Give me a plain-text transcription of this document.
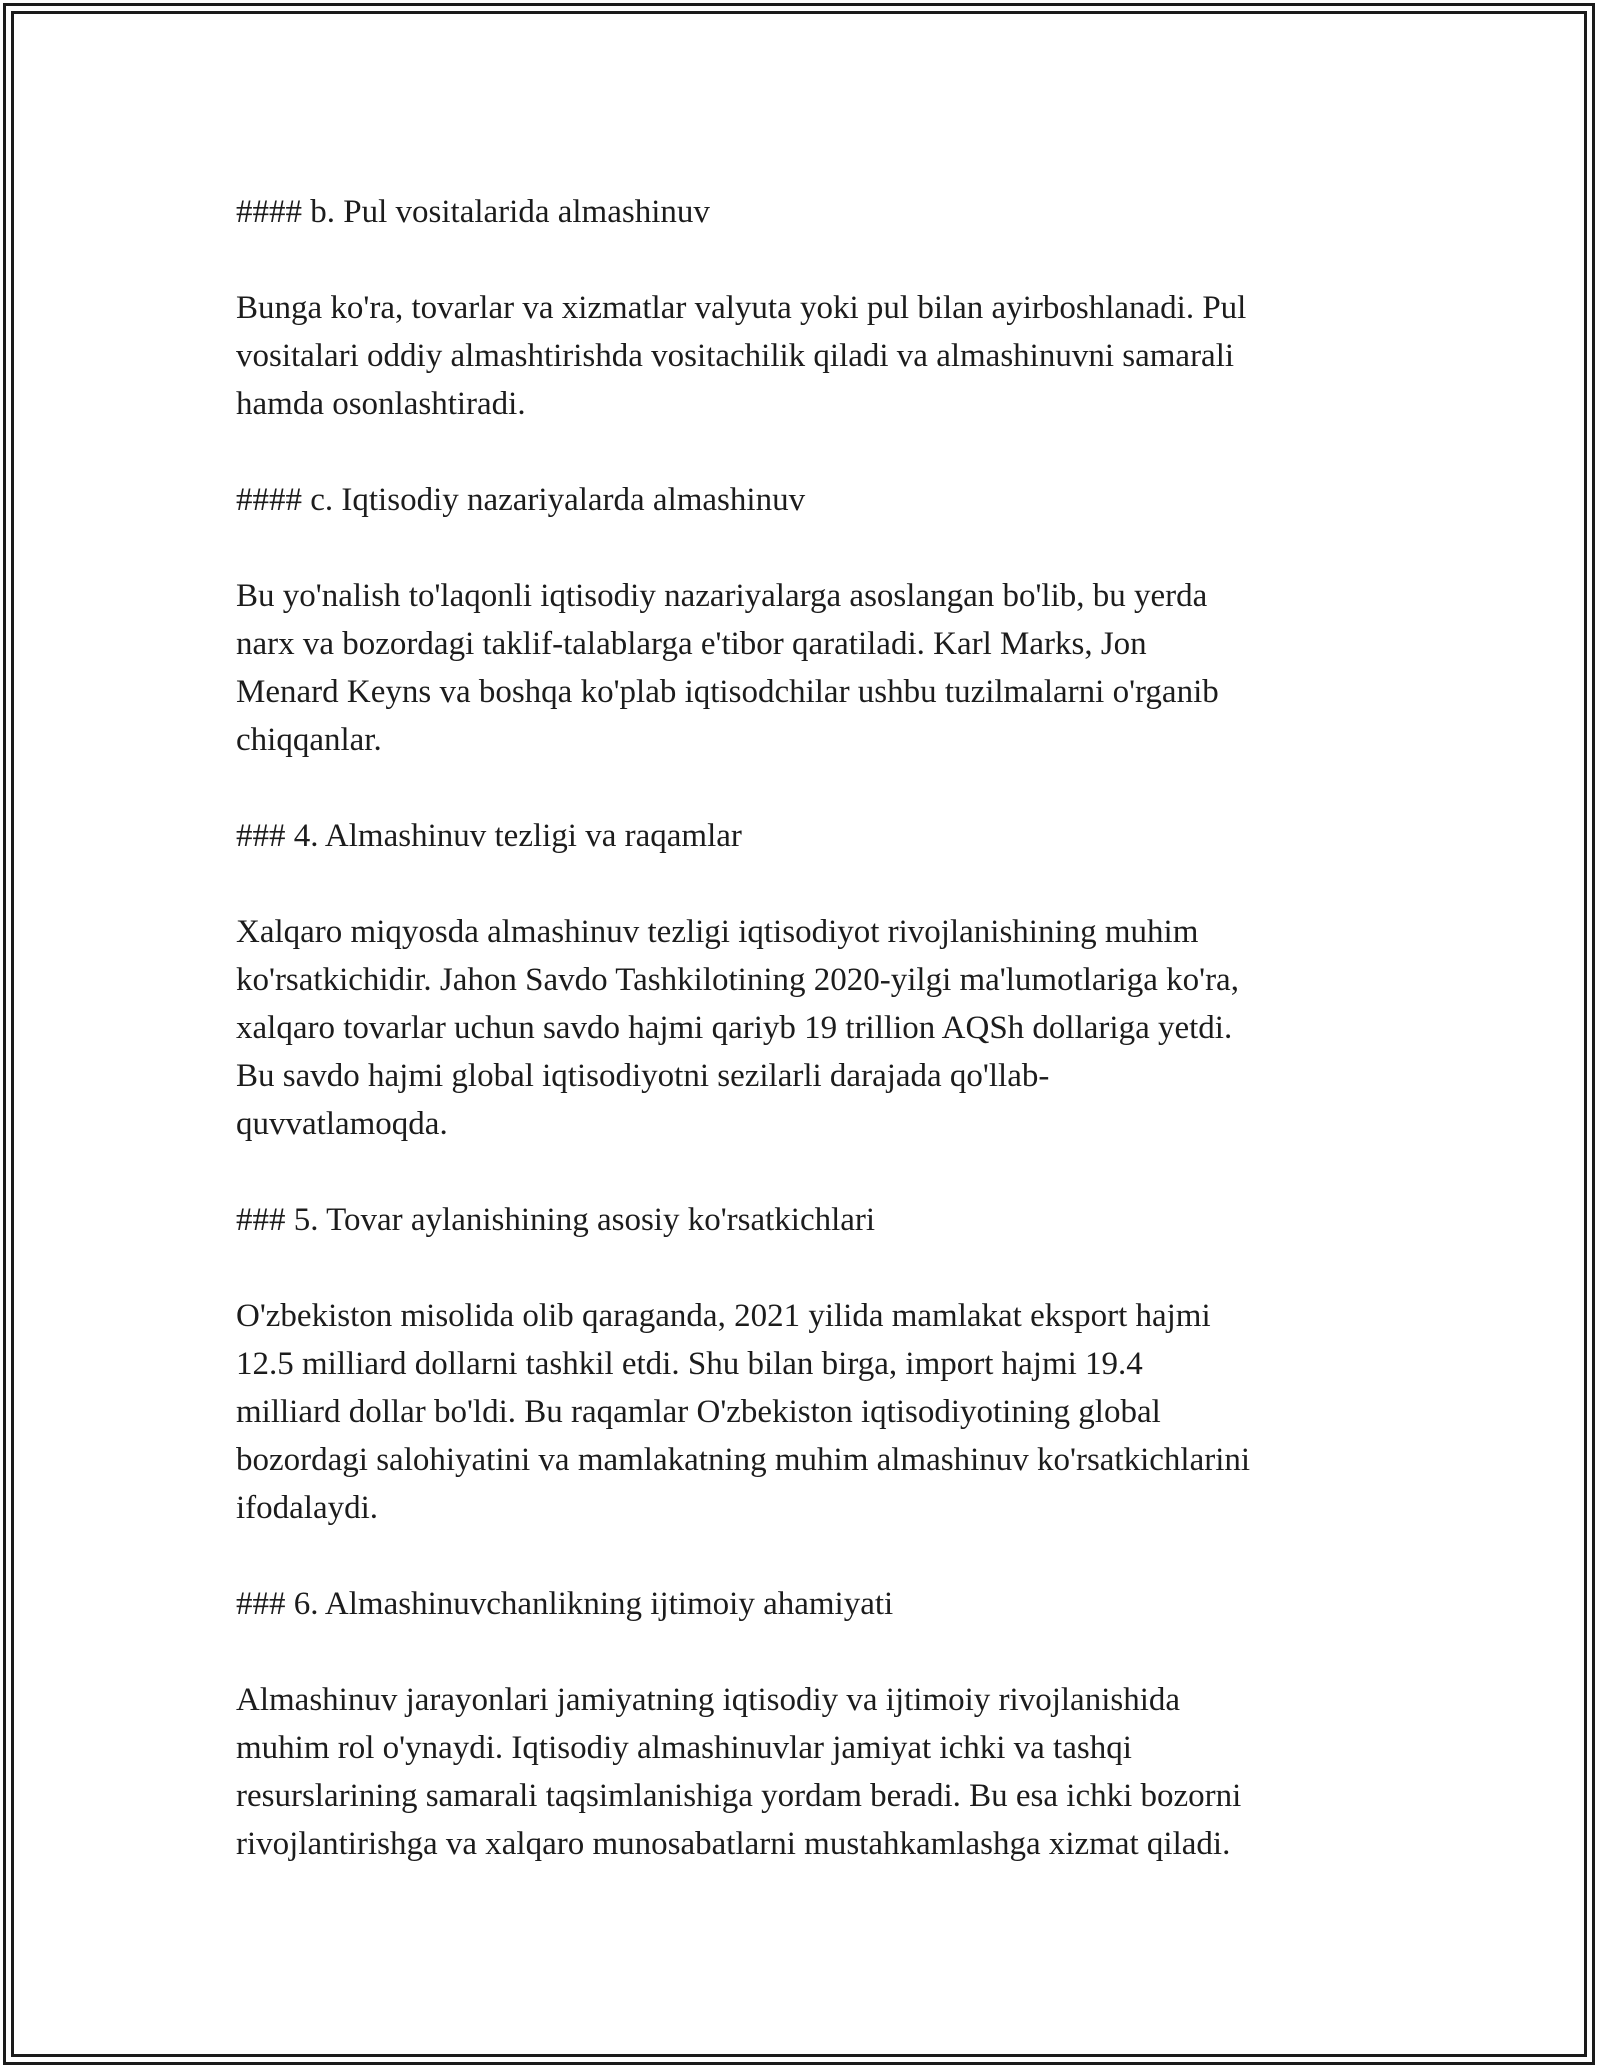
#### b. Pul vositalarida almashinuv
Bunga ko'ra, tovarlar va xizmatlar valyuta yoki pul bilan ayirboshlanadi. Pul
vositalari oddiy almashtirishda vositachilik qiladi va almashinuvni samarali
hamda osonlashtiradi.
#### c. Iqtisodiy nazariyalarda almashinuv
Bu yo'nalish to'laqonli iqtisodiy nazariyalarga asoslangan bo'lib, bu yerda
narx va bozordagi taklif-talablarga e'tibor qaratiladi. Karl Marks, Jon
Menard Keyns va boshqa ko'plab iqtisodchilar ushbu tuzilmalarni o'rganib
chiqqanlar.
### 4. Almashinuv tezligi va raqamlar
Xalqaro miqyosda almashinuv tezligi iqtisodiyot rivojlanishining muhim
ko'rsatkichidir. Jahon Savdo Tashkilotining 2020-yilgi ma'lumotlariga ko'ra,
xalqaro tovarlar uchun savdo hajmi qariyb 19 trillion AQSh dollariga yetdi.
Bu savdo hajmi global iqtisodiyotni sezilarli darajada qo'llab-
quvvatlamoqda.
### 5. Tovar aylanishining asosiy ko'rsatkichlari
O'zbekiston misolida olib qaraganda, 2021 yilida mamlakat eksport hajmi
12.5 milliard dollarni tashkil etdi. Shu bilan birga, import hajmi 19.4
milliard dollar bo'ldi. Bu raqamlar O'zbekiston iqtisodiyotining global
bozordagi salohiyatini va mamlakatning muhim almashinuv ko'rsatkichlarini
ifodalaydi.
### 6. Almashinuvchanlikning ijtimoiy ahamiyati
Almashinuv jarayonlari jamiyatning iqtisodiy va ijtimoiy rivojlanishida
muhim rol o'ynaydi. Iqtisodiy almashinuvlar jamiyat ichki va tashqi
resurslarining samarali taqsimlanishiga yordam beradi. Bu esa ichki bozorni
rivojlantirishga va xalqaro munosabatlarni mustahkamlashga xizmat qiladi.
